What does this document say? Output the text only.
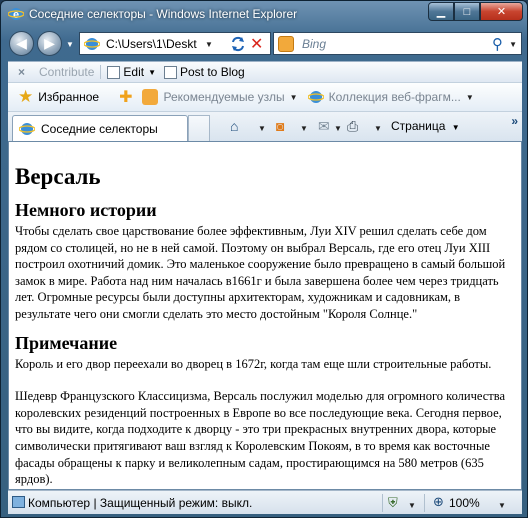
e Соседние селекторы - Windows Internet Explorer	▁ □ ✕
◀ ▶ ▼	C:\Users\1\Deskt	▼ ✕	Bing	⚲ ▼
× Contribute Edit ▼ Post to Blog
★ Избранное ✚	Рекомендуемые узлы ▼	Коллекция веб-фрагм... ▼
Соседние селекторы	⌂ ▼ ◙ ▼ ✉ ▼ ⎙ ▼ Страница ▼	»
Версаль
Немного истории

Чтобы сделать свое царствование более эффективным, Луи XIV решил сделать себе дом рядом со столицей, но не в ней самой. Поэтому он выбрал Версаль, где его отец Луи XIII построил охотничий домик. Это маленькое сооружение было превращено в самый большой замок в мире. Работа над ним началась в1661г и была завершена более чем через тридцать лет. Огромные ресурсы были доступны архитекторам, художникам и садовникам, в результате чего они смогли сделать это место достойным "Короля Солнце."

Примечание

Король и его двор переехали во дворец в 1672г, когда там еще шли строительные работы.

Шедевр Французского Классицизма, Версаль послужил моделью для огромного количества королевских резиденций построенных в Европе во все последующие века. Сегодня первое, что вы видите, когда подходите к дворцу - это три прекрасных внутренних двора, которые символически притягивают ваш взгляд к Королевским Покоям, в то время как восточные фасады обращены к парку и великолепным садам, простирающимся на 580 метров (635 ярдов).

Компьютер | Защищенный режим: выкл.	⛨ ▼ ⊕ 100% ▼
